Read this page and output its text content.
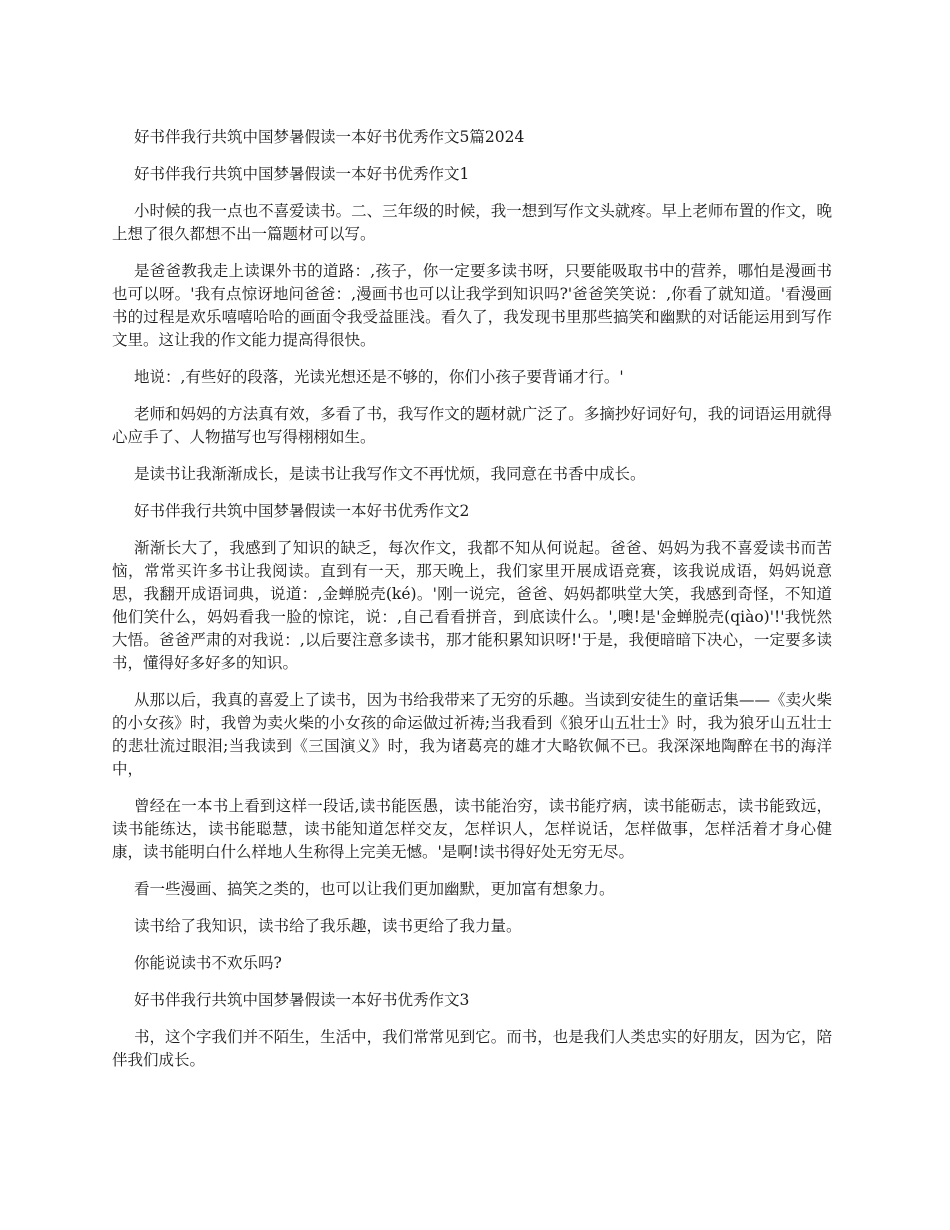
好书伴我行共筑中国梦暑假读一本好书优秀作文5篇2024

好书伴我行共筑中国梦暑假读一本好书优秀作文1

小时候的我一点也不喜爱读书。二、三年级的时候，我一想到写作文头就疼。早上老师布置的作文，晚上想了很久都想不出一篇题材可以写。

是爸爸教我走上读课外书的道路：,孩子，你一定要多读书呀，只要能吸取书中的营养，哪怕是漫画书也可以呀。'我有点惊讶地问爸爸：,漫画书也可以让我学到知识吗?'爸爸笑笑说：,你看了就知道。'看漫画书的过程是欢乐嘻嘻哈哈的画面令我受益匪浅。看久了，我发现书里那些搞笑和幽默的对话能运用到写作文里。这让我的作文能力提高得很快。

地说：,有些好的段落，光读光想还是不够的，你们小孩子要背诵才行。'

老师和妈妈的方法真有效，多看了书，我写作文的题材就广泛了。多摘抄好词好句，我的词语运用就得心应手了、人物描写也写得栩栩如生。

是读书让我渐渐成长，是读书让我写作文不再忧烦，我同意在书香中成长。

好书伴我行共筑中国梦暑假读一本好书优秀作文2

渐渐长大了，我感到了知识的缺乏，每次作文，我都不知从何说起。爸爸、妈妈为我不喜爱读书而苦恼，常常买许多书让我阅读。直到有一天，那天晚上，我们家里开展成语竞赛，该我说成语，妈妈说意思，我翻开成语词典，说道：,金蝉脱壳(ké)。'刚一说完，爸爸、妈妈都哄堂大笑，我感到奇怪，不知道他们笑什么，妈妈看我一脸的惊诧，说：,自己看看拼音，到底读什么。',噢!是'金蝉脱壳(qiào)'!'我恍然大悟。爸爸严肃的对我说：,以后要注意多读书，那才能积累知识呀!'于是，我便暗暗下决心，一定要多读书，懂得好多好多的知识。

从那以后，我真的喜爱上了读书，因为书给我带来了无穷的乐趣。当读到安徒生的童话集——《卖火柴的小女孩》时，我曾为卖火柴的小女孩的命运做过祈祷;当我看到《狼牙山五壮士》时，我为狼牙山五壮士的悲壮流过眼泪;当我读到《三国演义》时，我为诸葛亮的雄才大略钦佩不已。我深深地陶醉在书的海洋中，

曾经在一本书上看到这样一段话,读书能医愚，读书能治穷，读书能疗病，读书能砺志，读书能致远，读书能练达，读书能聪慧，读书能知道怎样交友，怎样识人，怎样说话，怎样做事，怎样活着才身心健康，读书能明白什么样地人生称得上完美无憾。'是啊!读书得好处无穷无尽。

看一些漫画、搞笑之类的，也可以让我们更加幽默，更加富有想象力。

读书给了我知识，读书给了我乐趣，读书更给了我力量。

你能说读书不欢乐吗?

好书伴我行共筑中国梦暑假读一本好书优秀作文3

书，这个字我们并不陌生，生活中，我们常常见到它。而书，也是我们人类忠实的好朋友，因为它，陪伴我们成长。
